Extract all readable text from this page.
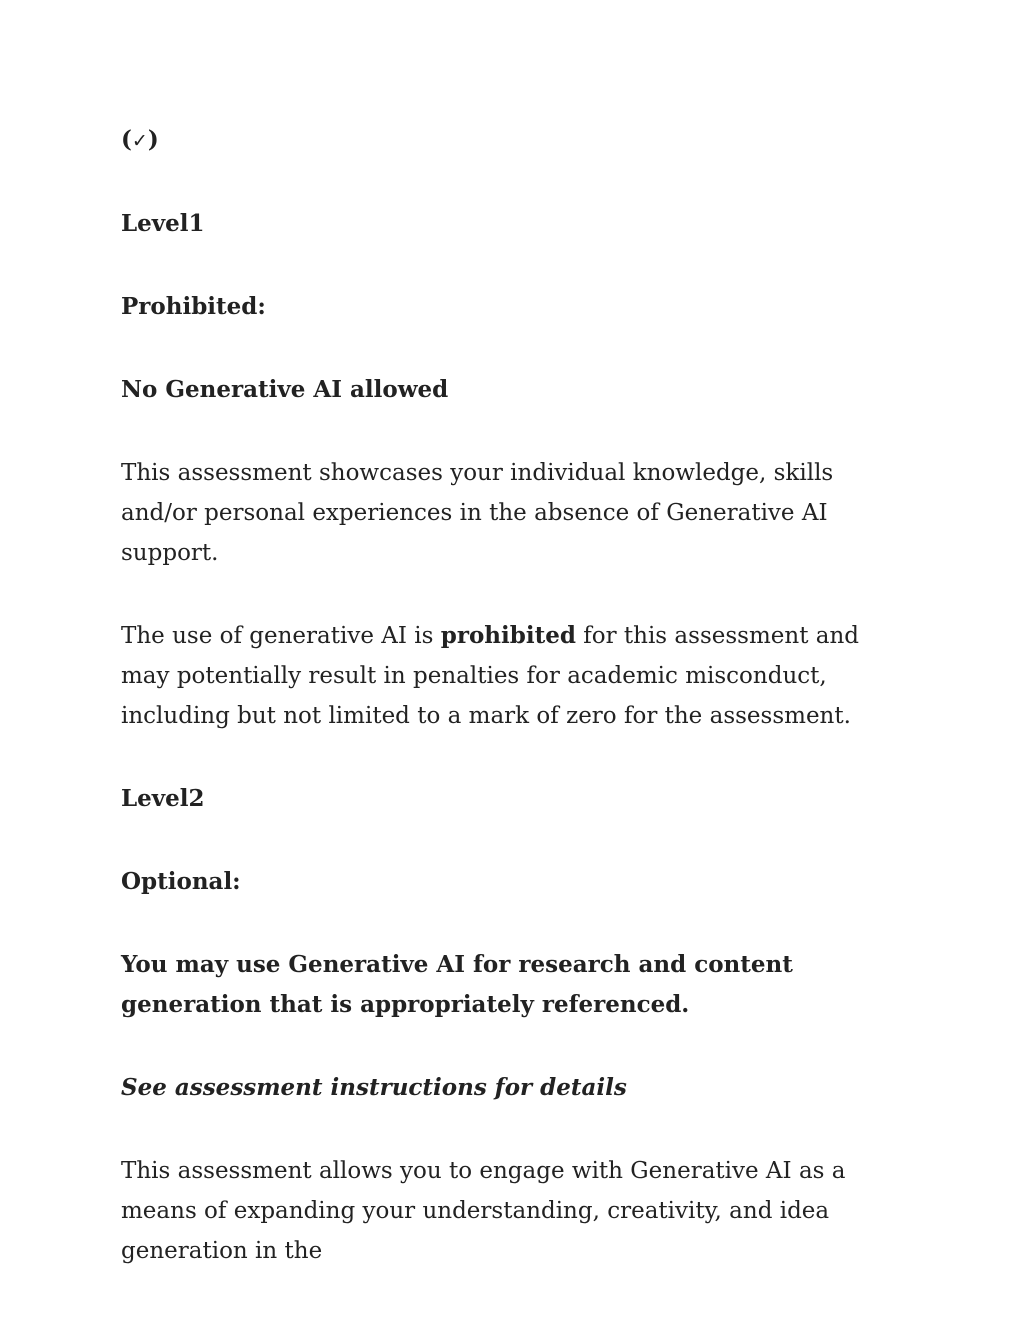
(✓)

Level1

Prohibited:

No Generative AI allowed

This assessment showcases your individual knowledge, skills and/or personal experiences in the absence of Generative AI support.

The use of generative AI is prohibited for this assessment and may potentially result in penalties for academic misconduct, including but not limited to a mark of zero for the assessment.

Level2

Optional:

You may use Generative AI for research and content generation that is appropriately referenced.

See assessment instructions for details

This assessment allows you to engage with Generative AI as a means of expanding your understanding, creativity, and idea generation in the
